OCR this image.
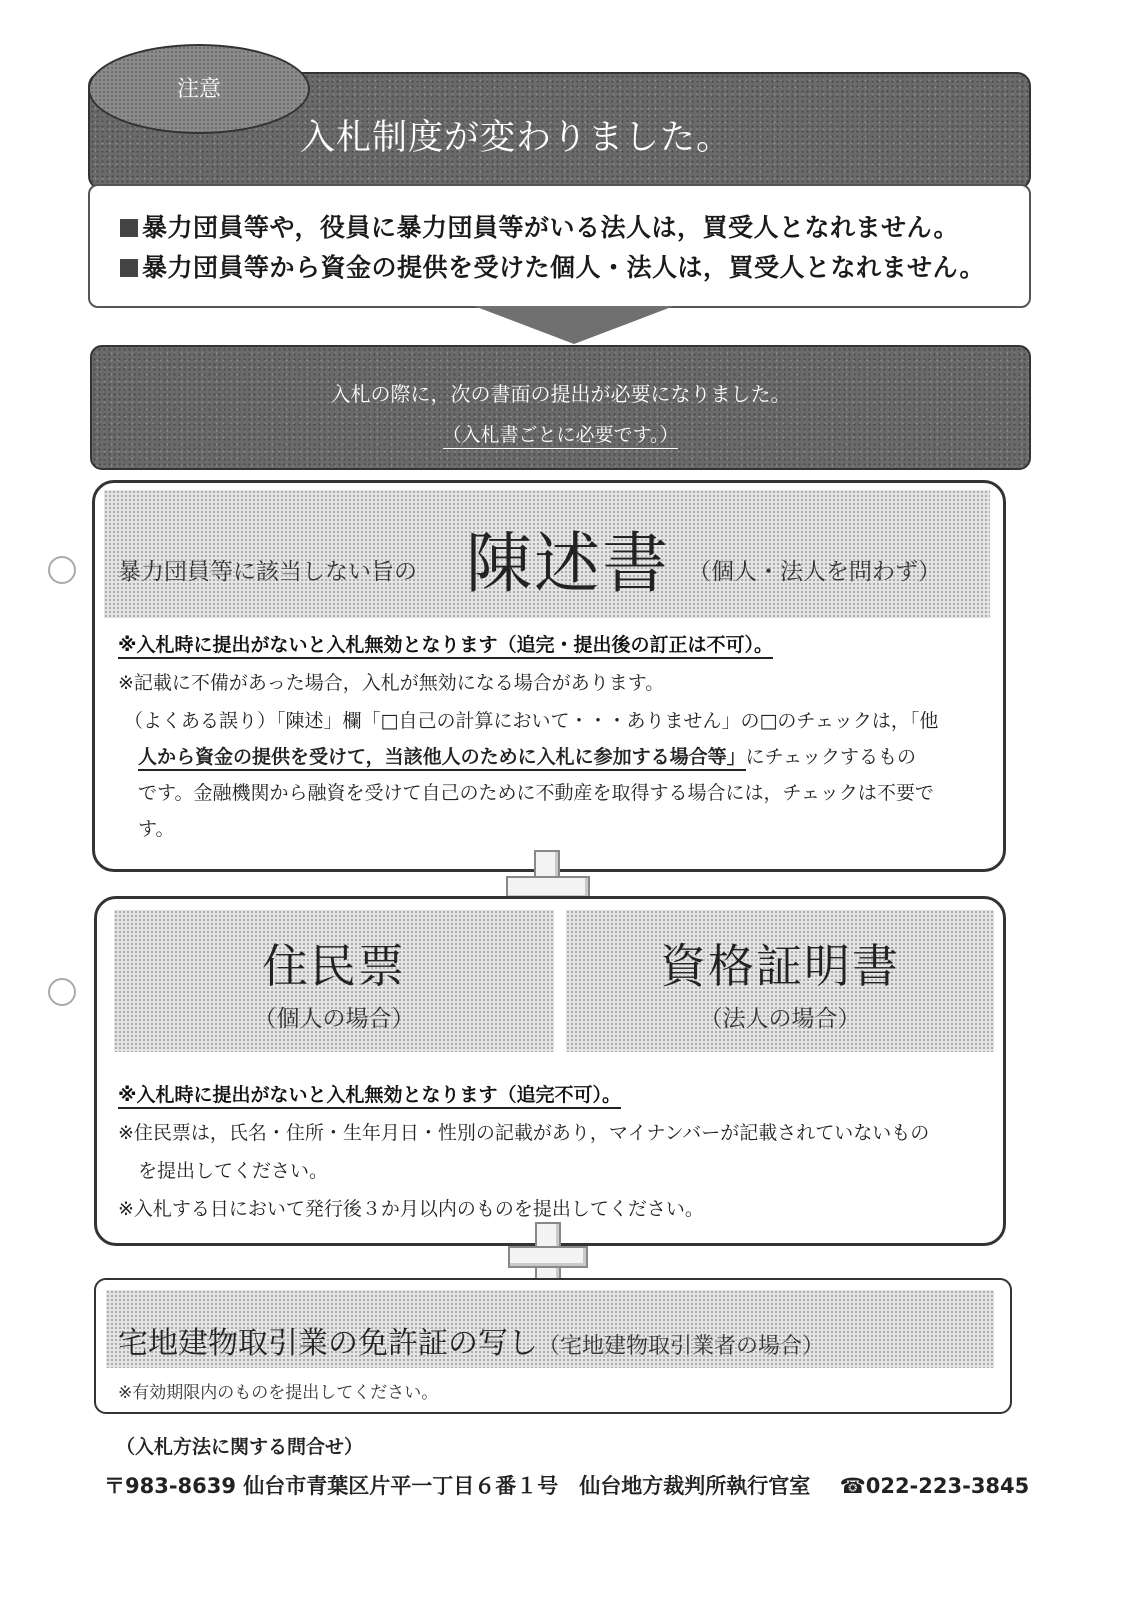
注意
入札制度が変わりました。
暴力団員等や，役員に暴力団員等がいる法人は，買受人となれません。
暴力団員等から資金の提供を受けた個人・法人は，買受人となれません。
入札の際に，次の書面の提出が必要になりました。
（入札書ごとに必要です。）
暴力団員等に該当しない旨の 陳述書 （個人・法人を問わず）
※入札時に提出がないと入札無効となります（追完・提出後の訂正は不可）。
※記載に不備があった場合，入札が無効になる場合があります。
（よくある誤り）「陳述」欄「□自己の計算において・・・ありません」の□のチェックは，「他
人から資金の提供を受けて，当該他人のために入札に参加する場合等」にチェックするもの
です。金融機関から融資を受けて自己のために不動産を取得する場合には，チェックは不要で
す。
住民票
（個人の場合）
資格証明書
（法人の場合）
※入札時に提出がないと入札無効となります（追完不可）。
※住民票は，氏名・住所・生年月日・性別の記載があり，マイナンバーが記載されていないもの
を提出してください。
※入札する日において発行後３か月以内のものを提出してください。
宅地建物取引業の免許証の写し（宅地建物取引業者の場合）
※有効期限内のものを提出してください。
（入札方法に関する問合せ）
〒983-8639 仙台市青葉区片平一丁目６番１号　仙台地方裁判所執行官室 ☎022-223-3845
